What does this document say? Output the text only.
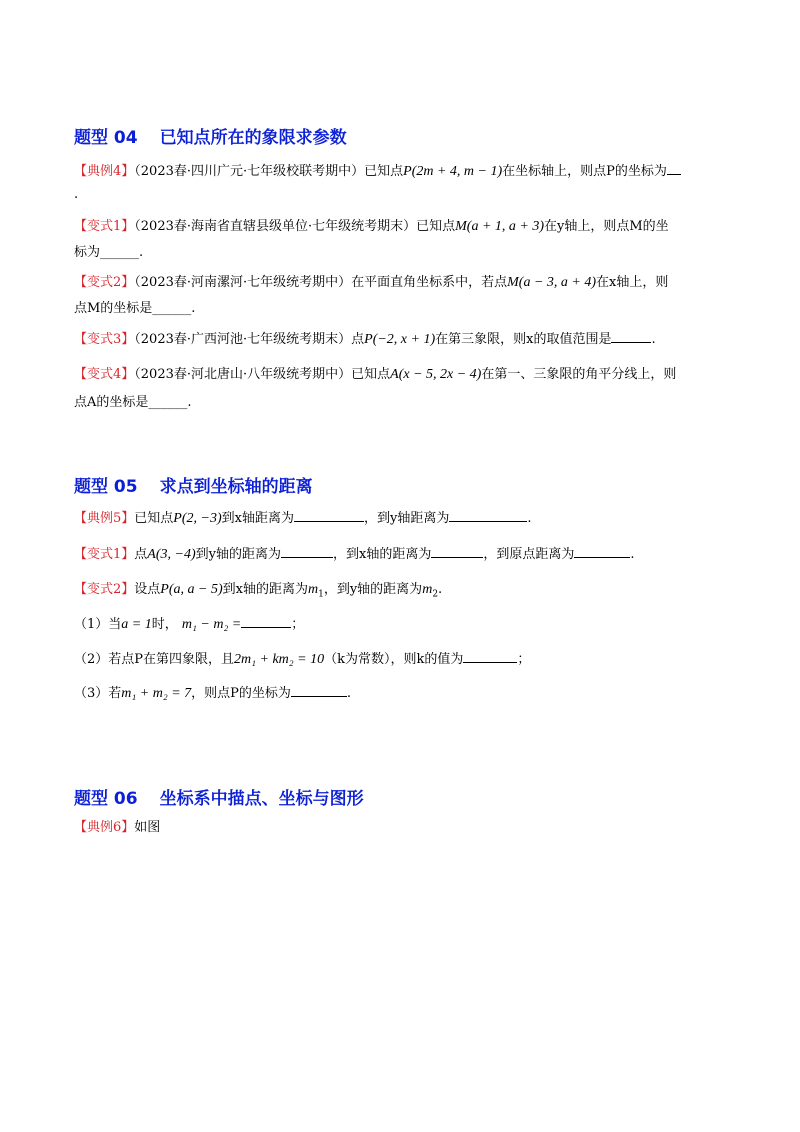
题型 04 已知点所在的象限求参数
【典例4】（2023春·四川广元·七年级校联考期中）已知点P(2m + 4, m − 1)在坐标轴上，则点P的坐标为
.
【变式1】（2023春·海南省直辖县级单位·七年级统考期末）已知点M(a + 1, a + 3)在y轴上，则点M的坐
标为______.
【变式2】（2023春·河南漯河·七年级统考期中）在平面直角坐标系中，若点M(a − 3, a + 4)在x轴上，则
点M的坐标是______.
【变式3】（2023春·广西河池·七年级统考期末）点P(−2, x + 1)在第三象限，则x的取值范围是	.
【变式4】（2023春·河北唐山·八年级统考期中）已知点A(x − 5, 2x − 4)在第一、三象限的角平分线上，则
点A的坐标是______.
题型 05 求点到坐标轴的距离
【典例5】已知点P(2, −3)到x轴距离为	，到y轴距离为	.
【变式1】点A(3, −4)到y轴的距离为	，到x轴的距离为	，到原点距离为	.
【变式2】设点P(a, a − 5)到x轴的距离为$m_1$，到y轴的距离为$m_2$.
（1）当a = 1时， m₁ − m₂ =	；
（2）若点P在第四象限，且2m₁ + km₂ = 10（k为常数），则k的值为	；
（3）若m₁ + m₂ = 7，则点P的坐标为	.
题型 06 坐标系中描点、坐标与图形
【典例6】如图
